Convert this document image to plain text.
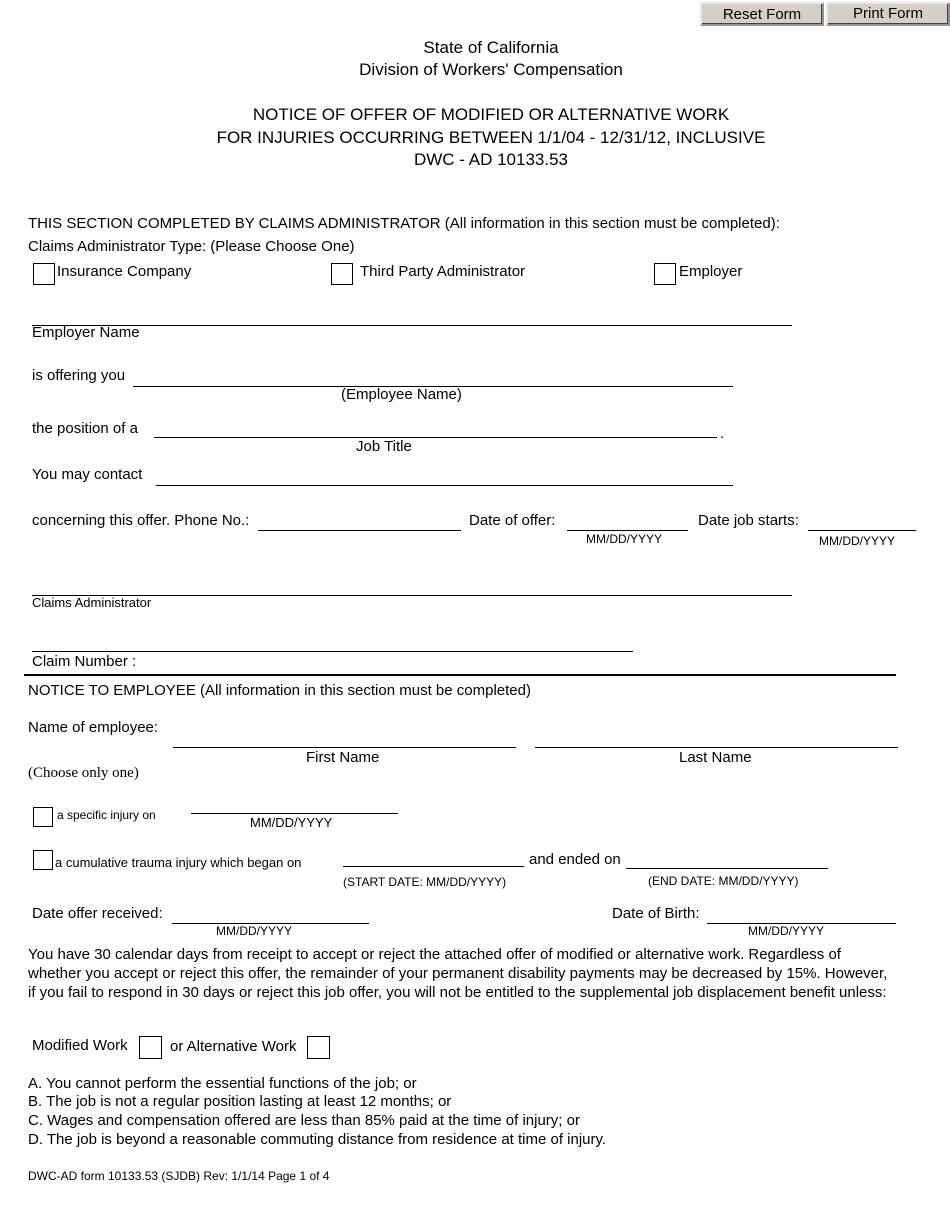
Reset Form	Print Form
State of California
Division of Workers' Compensation
NOTICE OF OFFER OF MODIFIED OR ALTERNATIVE WORK
FOR INJURIES OCCURRING BETWEEN 1/1/04 - 12/31/12, INCLUSIVE
DWC - AD 10133.53
THIS SECTION COMPLETED BY CLAIMS ADMINISTRATOR (All information in this section must be completed):
Claims Administrator Type: (Please Choose One)
Insurance Company	Third Party Administrator	Employer
Employer Name
is offering you
(Employee Name)
the position of a	.
Job Title
You may contact
concerning this offer. Phone No.:	Date of offer:
MM/DD/YYYY
Date job starts:
MM/DD/YYYY
Claims Administrator
Claim Number :
NOTICE TO EMPLOYEE (All information in this section must be completed)
Name of employee:
First Name	Last Name
(Choose only one)
a specific injury on	MM/DD/YYYY
a cumulative trauma injury which began on
(START DATE: MM/DD/YYYY)
and ended on
(END DATE: MM/DD/YYYY)
Date offer received:
MM/DD/YYYY
Date of Birth:
MM/DD/YYYY
You have 30 calendar days from receipt to accept or reject the attached offer of modified or alternative work. Regardless of whether you accept or reject this offer, the remainder of your permanent disability payments may be decreased by 15%. However, if you fail to respond in 30 days or reject this job offer, you will not be entitled to the supplemental job displacement benefit unless:
Modified Work	or Alternative Work
A. You cannot perform the essential functions of the job; or
B. The job is not a regular position lasting at least 12 months; or
C. Wages and compensation offered are less than 85% paid at the time of injury; or
D. The job is beyond a reasonable commuting distance from residence at time of injury.
DWC-AD form 10133.53 (SJDB) Rev: 1/1/14 Page 1 of 4
